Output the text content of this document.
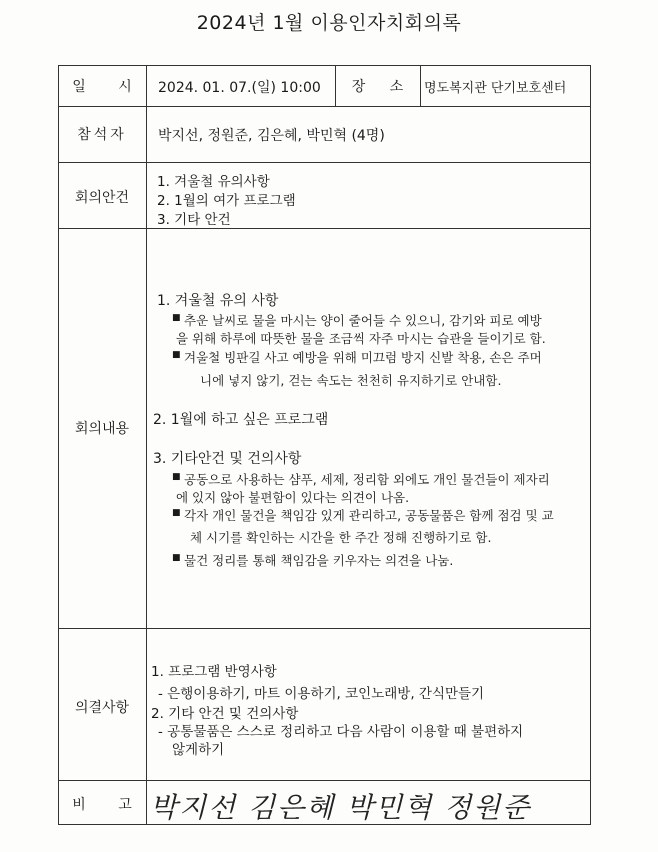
2024년 1월 이용인자치회의록
일 시 2024. 01. 07.(일) 10:00	장 소 명도복지관 단기보호센터
참석자	박지선, 정원준, 김은혜, 박민혁 (4명)
회의안건
1. 겨울철 유의사항
2. 1월의 여가 프로그램
3. 기타 안건
회의내용
1. 겨울철 유의 사항
■ 추운 날씨로 물을 마시는 양이 줄어들 수 있으니, 감기와 피로 예방
을 위해 하루에 따뜻한 물을 조금씩 자주 마시는 습관을 들이기로 함.
■ 겨울철 빙판길 사고 예방을 위해 미끄럼 방지 신발 착용, 손은 주머
니에 넣지 않기, 걷는 속도는 천천히 유지하기로 안내함.
2. 1월에 하고 싶은 프로그램
3. 기타안건 및 건의사항
■ 공동으로 사용하는 샴푸, 세제, 정리함 외에도 개인 물건들이 제자리
에 있지 않아 불편함이 있다는 의견이 나옴.
■ 각자 개인 물건을 책임감 있게 관리하고, 공동물품은 함께 점검 및 교
체 시기를 확인하는 시간을 한 주간 정해 진행하기로 함.
■ 물건 정리를 통해 책임감을 키우자는 의견을 나눔.
의결사항
1. 프로그램 반영사항
- 은행이용하기, 마트 이용하기, 코인노래방, 간식만들기
2. 기타 안건 및 건의사항
- 공통물품은 스스로 정리하고 다음 사람이 이용할 때 불편하지
않게하기
비 고 박지선 김은혜 박민혁 정원준
